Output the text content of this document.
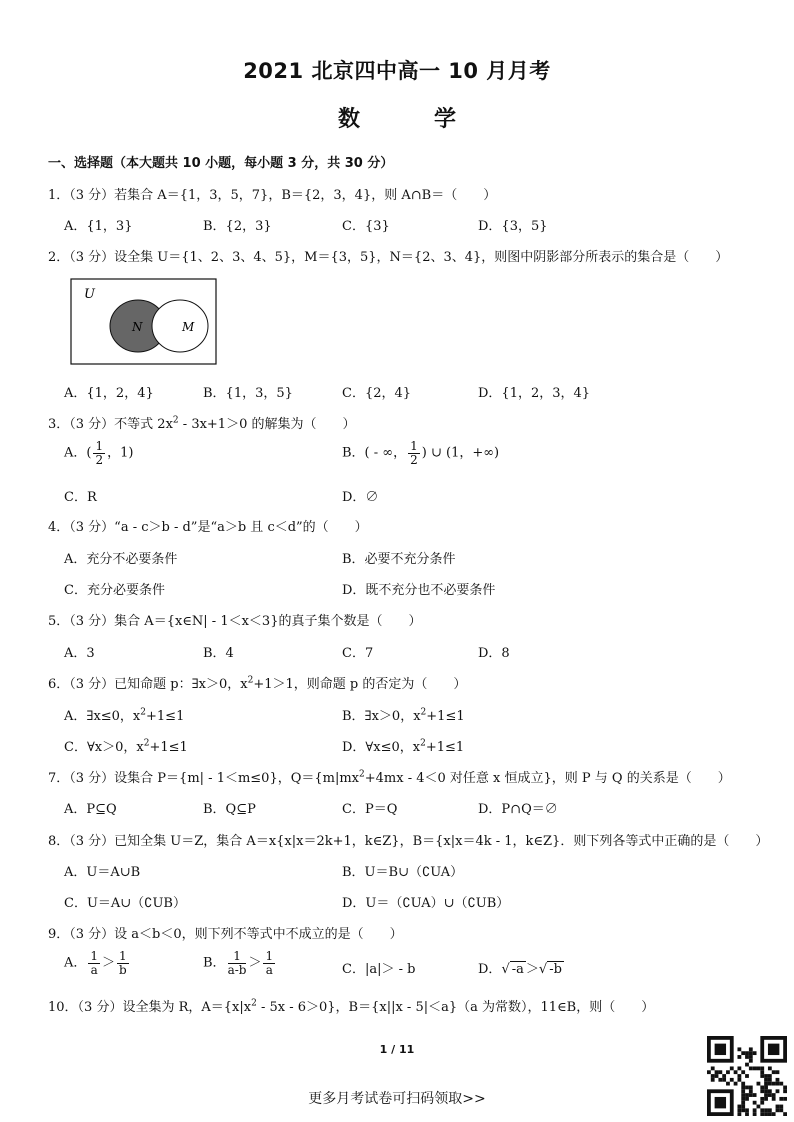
2021 北京四中高一 10 月月考
数　学
一、选择题（本大题共 10 小题，每小题 3 分，共 30 分）
1．（3 分）若集合 A＝{1，3，5，7}，B＝{2，3，4}，则 A∩B＝（　　）
A．{1，3}	B．{2，3}	C．{3}	D．{3，5}
2．（3 分）设全集 U＝{1、2、3、4、5}，M＝{3，5}，N＝{2、3、4}，则图中阴影部分所表示的集合是（　　）
U
N	M
A．{1，2，4}	B．{1，3，5}	C．{2，4}	D．{1，2，3，4}
3．（3 分）不等式 $2x^2 - 3x+1>0$ 的解集为（　　）
A．( $\frac{1}{2}$ ，1)	B．( - ∞， $\frac{1}{2}$ ) ∪ (1，+∞)
C．R	D．∅
4．（3 分）“a - c＞b - d”是“a＞b 且 c＜d”的（　　）
A．充分不必要条件	B．必要不充分条件
C．充分必要条件	D．既不充分也不必要条件
5．（3 分）集合 A＝{x∈N| - 1＜x＜3}的真子集个数是（　　）
A．3	B．4	C．7	D．8
6．（3 分）已知命题 p：∃x＞0，$x^2+1>1$，则命题 p 的否定为（　　）
A．∃x≤0，$x^2+1\le 1$	B．∃x＞0，$x^2+1\le 1$
C．∀x＞0，$x^2+1\le 1$	D．∀x≤0，$x^2+1\le 1$
7．（3 分）设集合 P＝{m| - 1＜m≤0}，$Q=\{m|mx^2+4mx - 4<0$ 对任意 x 恒成立}，则 P 与 Q 的关系是（　　）
A．P⊆Q	B．Q⊆P	C．P＝Q	D．P∩Q＝∅
8．（3 分）已知全集 U＝Z，集合 A＝x{x|x＝2k+1，k∈Z}，B＝{x|x＝4k - 1，k∈Z}．则下列各等式中正确的是（　　）
A．U＝A∪B	B．U＝B∪（∁UA）
C．U＝A∪（∁UB）	D．U＝（∁UA）∪（∁UB）
9．（3 分）设 a＜b＜0，则下列不等式中不成立的是（　　）
A． $\frac{1}{a} > \frac{1}{b}$	B． $\frac{1}{a-b} > \frac{1}{a}$	C．|a|＞ - b	D．√ -a ＞√ -b
10．（3 分）设全集为 R，$A=\{x|x^2 - 5x - 6>0\}$，B＝{x||x - 5|＜a}（a 为常数），11∈B，则（　　）
1 / 11
更多月考试卷可扫码领取>>
